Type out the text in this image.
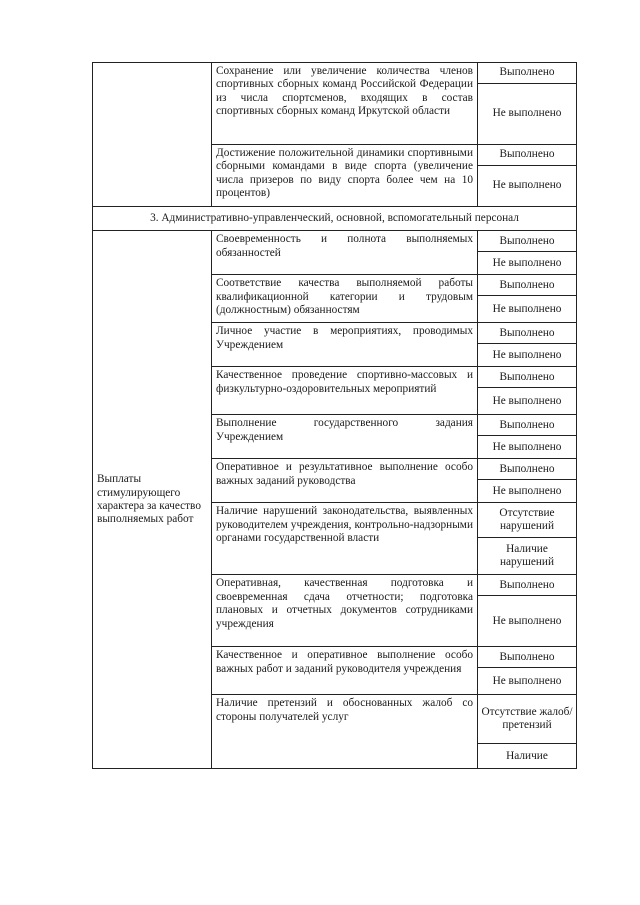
	Сохранение или увеличение количества членов спортивных сборных команд Российской Федерации из числа спортсменов, входящих в состав спортивных сборных команд Иркутской области	Выполнено
		Не выполнено
	Достижение положительной динамики спортивными сборными командами в виде спорта (увеличение числа призеров по виду спорта более чем на 10 процентов)	Выполнено
		Не выполнено
3. Административно-управленческий, основной, вспомогательный персонал		
Выплаты стимулирующего характера за качество выполняемых работ	Своевременность и полнота выполняемых обязанностей	Выполнено
		Не выполнено
	Соответствие качества выполняемой работы квалификационной категории и трудовым (должностным) обязанностям	Выполнено
		Не выполнено
	Личное участие в мероприятиях, проводимых Учреждением	Выполнено
		Не выполнено
	Качественное проведение спортивно-массовых и физкультурно-оздоровительных мероприятий	Выполнено
		Не выполнено
	Выполнение государственного задания Учреждением	Выполнено
		Не выполнено
	Оперативное и результативное выполнение особо важных заданий руководства	Выполнено
		Не выполнено
	Наличие нарушений законодательства, выявленных руководителем учреждения, контрольно-надзорными органами государственной власти	Отсутствие нарушений
		Наличие нарушений
	Оперативная, качественная подготовка и своевременная сдача отчетности; подготовка плановых и отчетных документов сотрудниками учреждения	Выполнено
		Не выполнено
	Качественное и оперативное выполнение особо важных работ и заданий руководителя учреждения	Выполнено
		Не выполнено
	Наличие претензий и обоснованных жалоб со стороны получателей услуг	Отсутствие жалоб/претензий
		Наличие
